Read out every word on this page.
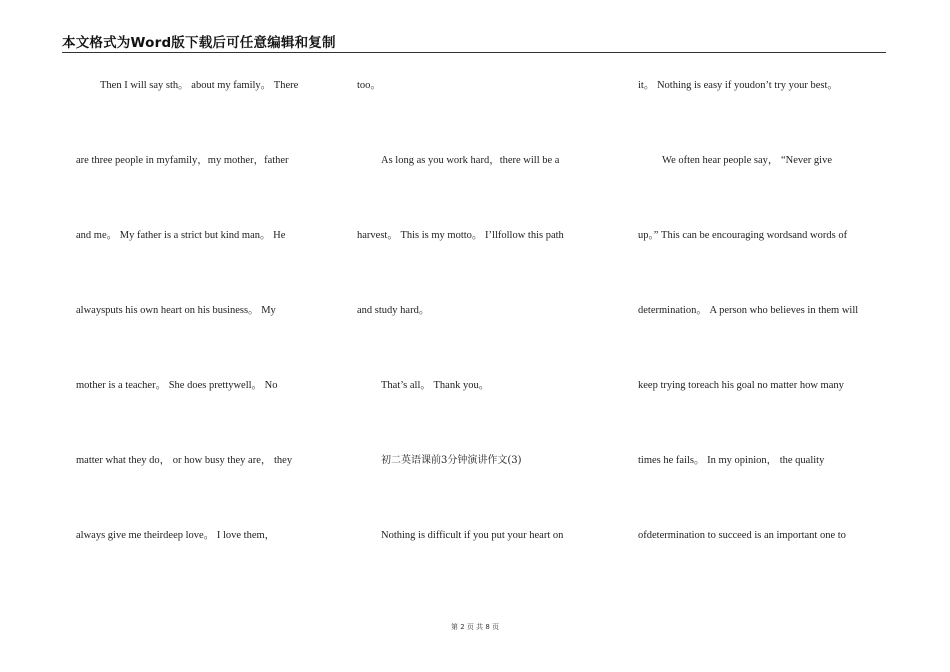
本文格式为Word版下载后可任意编辑和复制
Then I will say sth。 about my family。 There
are three people in myfamily，my mother，father
and me。 My father is a strict but kind man。 He
alwaysputs his own heart on his business。 My
mother is a teacher。 She does prettywell。 No
matter what they do， or how busy they are， they
always give me theirdeep love。 I love them，
too。
As long as you work hard，there will be a
harvest。 This is my motto。 I’llfollow this path
and study hard。
That’s all。 Thank you。
初二英语课前3分钟演讲作文(3)
Nothing is difficult if you put your heart on
it。 Nothing is easy if youdon’t try your best。
We often hear people say， “Never give
up。” This can be encouraging wordsand words of
determination。 A person who believes in them will
keep trying toreach his goal no matter how many
times he fails。 In my opinion， the quality
ofdetermination to succeed is an important one to
第 2 页 共 8 页
